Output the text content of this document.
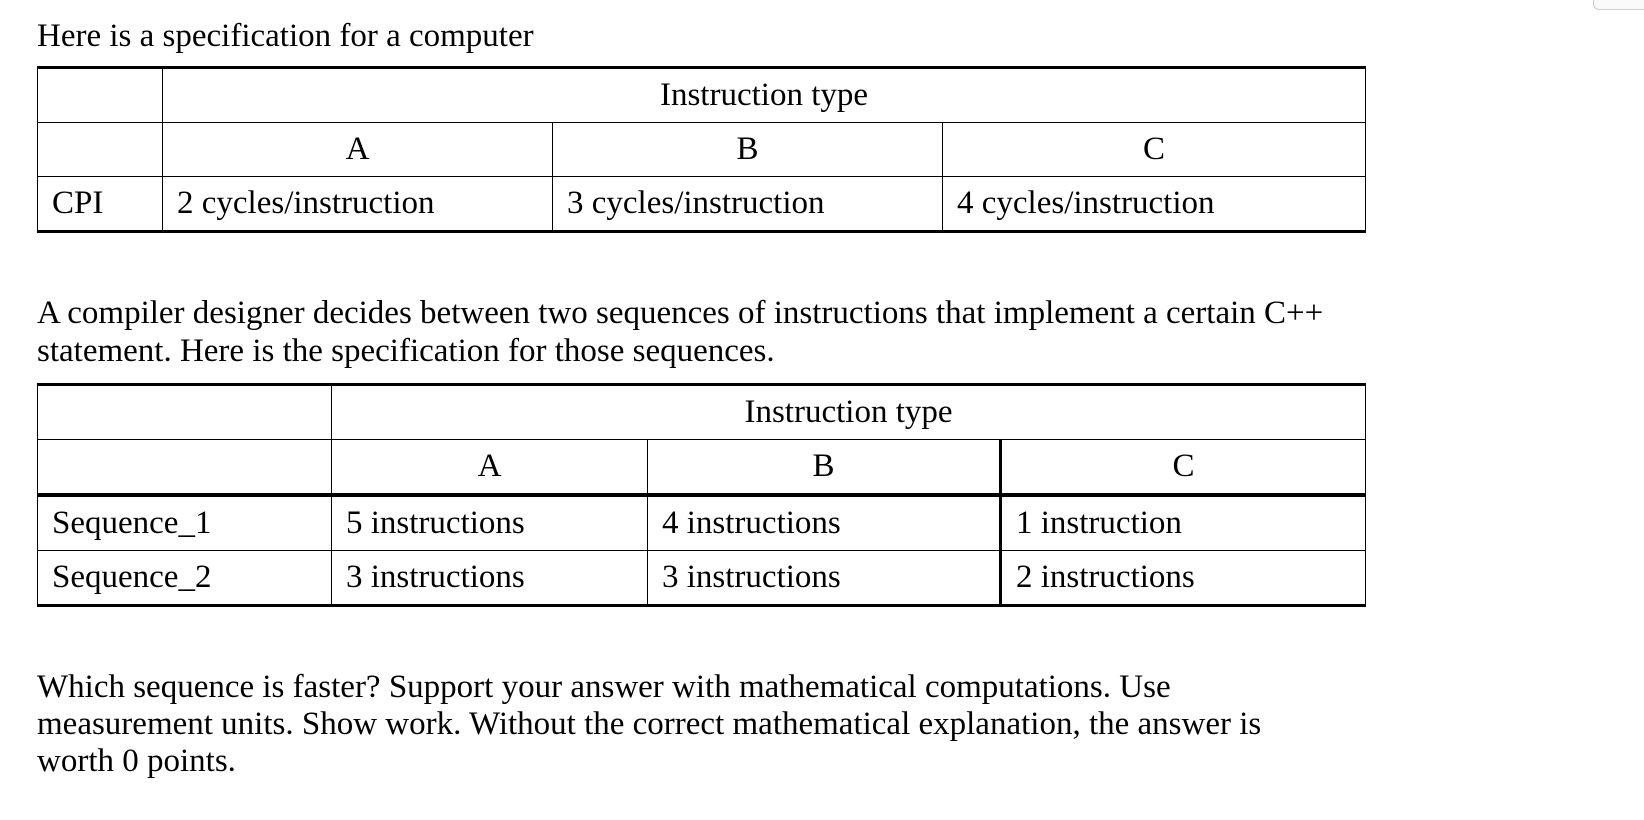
Here is a specification for a computer
	Instruction type		
	A	B	C
CPI	2 cycles/instruction	3 cycles/instruction	4 cycles/instruction
A compiler designer decides between two sequences of instructions that implement a certain C++
statement. Here is the specification for those sequences.
	Instruction type		
	A	B	C
Sequence_1	5 instructions	4 instructions	1 instruction
Sequence_2	3 instructions	3 instructions	2 instructions
Which sequence is faster? Support your answer with mathematical computations. Use
measurement units. Show work. Without the correct mathematical explanation, the answer is
worth 0 points.
